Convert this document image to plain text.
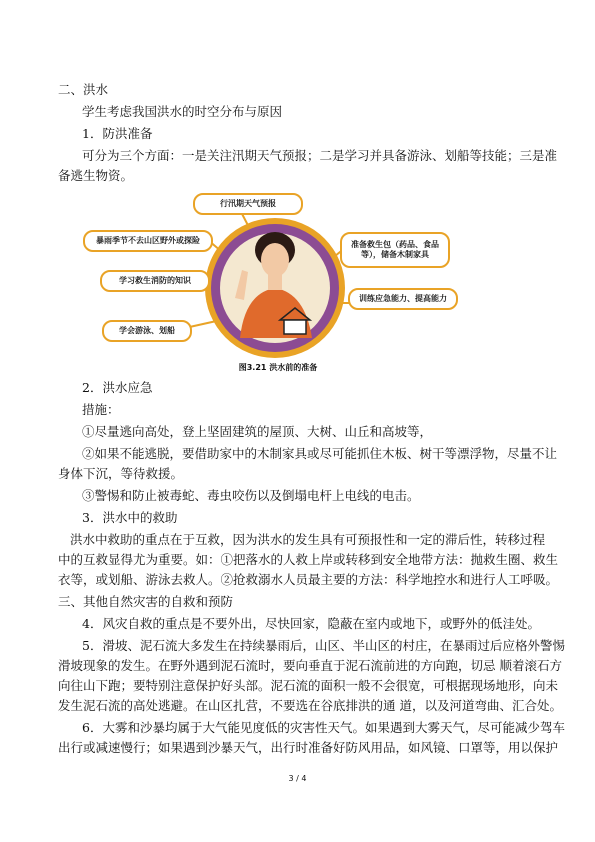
二、洪水
学生考虑我国洪水的时空分布与原因
1．防洪准备
可分为三个方面：一是关注汛期天气预报；二是学习并具备游泳、划船等技能；三是准
备逃生物资。
行汛期天气预报
暴雨季节不去山区野外或探险
学习救生消防的知识
学会游泳、划船
准备救生包（药品、食品等），储备木制家具
训练应急能力、提高能力
图3.21 洪水前的准备
2．洪水应急
措施：
①尽量逃向高处，登上坚固建筑的屋顶、大树、山丘和高坡等，
②如果不能逃脱，要借助家中的木制家具或尽可能抓住木板、树干等漂浮物，尽量不让
身体下沉，等待救援。
③警惕和防止被毒蛇、毒虫咬伤以及倒塌电杆上电线的电击。
3．洪水中的救助
洪水中救助的重点在于互救，因为洪水的发生具有可预报性和一定的滞后性，转移过程
中的互救显得尤为重要。如：①把落水的人救上岸或转移到安全地带方法：抛救生圈、救生
衣等，或划船、游泳去救人。②抢救溺水人员最主要的方法：科学地控水和进行人工呼吸。
三、其他自然灾害的自救和预防
4．风灾自救的重点是不要外出，尽快回家，隐蔽在室内或地下，或野外的低洼处。
5．滑坡、泥石流大多发生在持续暴雨后，山区、半山区的村庄，在暴雨过后应格外警惕
滑坡现象的发生。在野外遇到泥石流时，要向垂直于泥石流前进的方向跑，切忌 顺着滚石方
向往山下跑；要特别注意保护好头部。泥石流的面积一般不会很宽，可根据现场地形，向未
发生泥石流的高处逃避。在山区扎营，不要选在谷底排洪的通 道，以及河道弯曲、汇合处。
6．大雾和沙暴均属于大气能见度低的灾害性天气。如果遇到大雾天气，尽可能减少驾车
出行或减速慢行；如果遇到沙暴天气，出行时准备好防风用品，如风镜、口罩等，用以保护
3 / 4
